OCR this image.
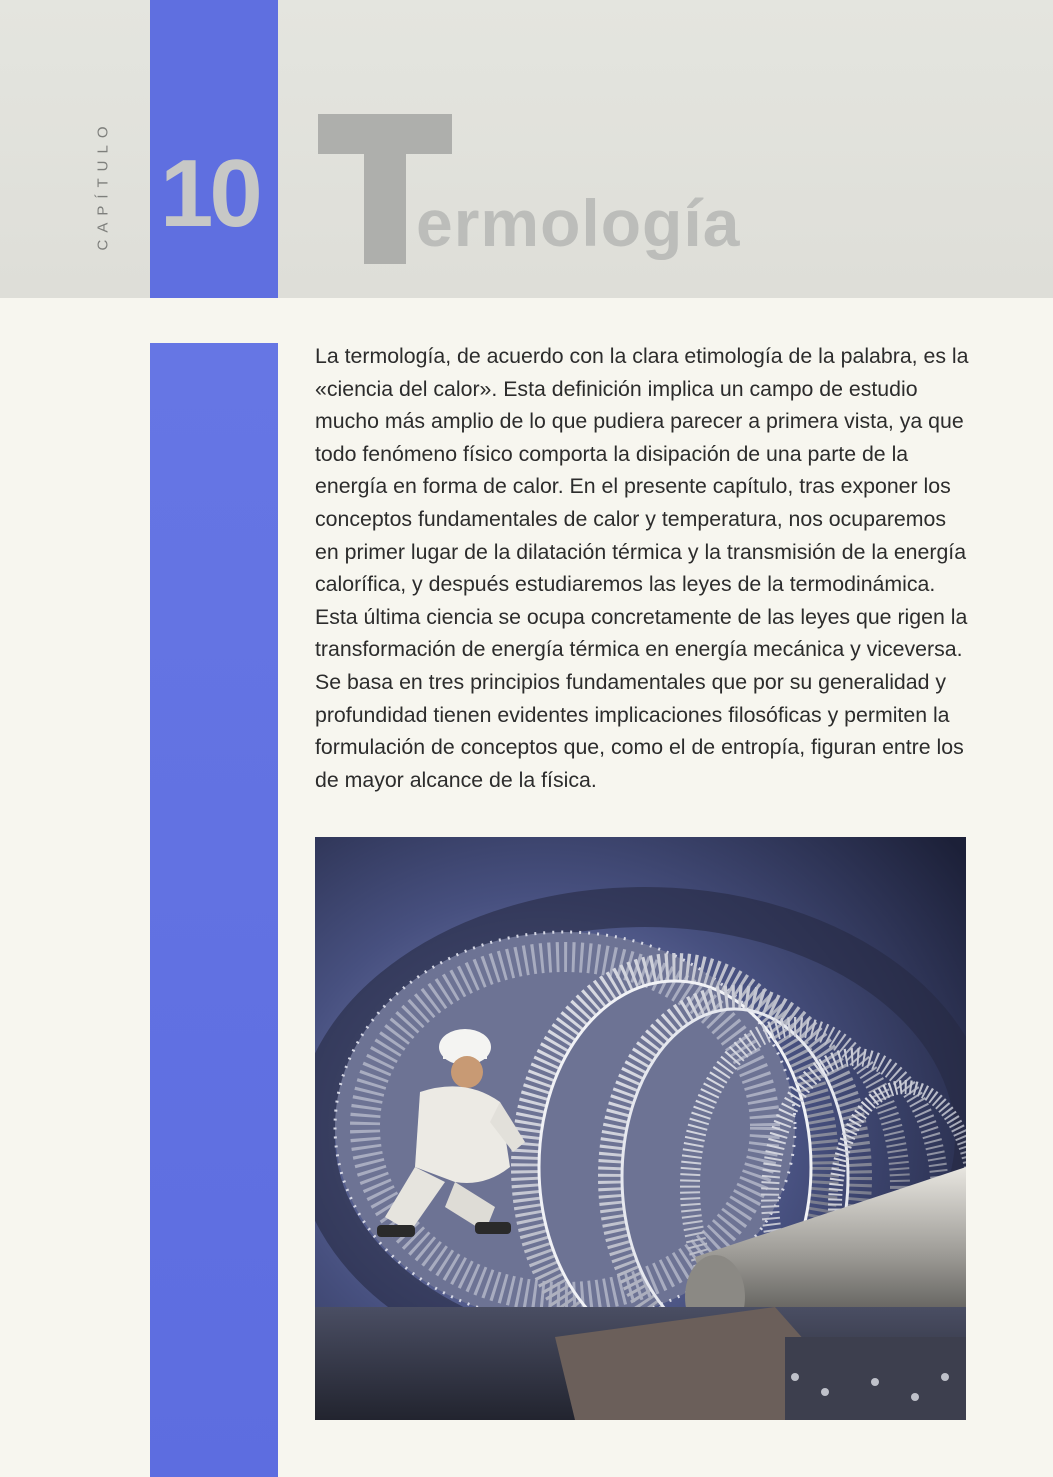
CAPÍTULO 10	ermología

La termología, de acuerdo con la clara etimología de la palabra, es la «ciencia del calor». Esta definición implica un campo de estudio mucho más amplio de lo que pudiera parecer a primera vista, ya que todo fenómeno físico comporta la disipación de una parte de la energía en forma de calor. En el presente capítulo, tras exponer los conceptos fundamentales de calor y temperatura, nos ocuparemos en primer lugar de la dilatación térmica y la transmisión de la energía calorífica, y después estudiaremos las leyes de la termodinámica. Esta última ciencia se ocupa concretamente de las leyes que rigen la transformación de energía térmica en energía mecánica y viceversa. Se basa en tres principios fundamentales que por su generalidad y profundidad tienen evidentes implicaciones filosóficas y permiten la formulación de conceptos que, como el de entropía, figuran entre los de mayor alcance de la física.
